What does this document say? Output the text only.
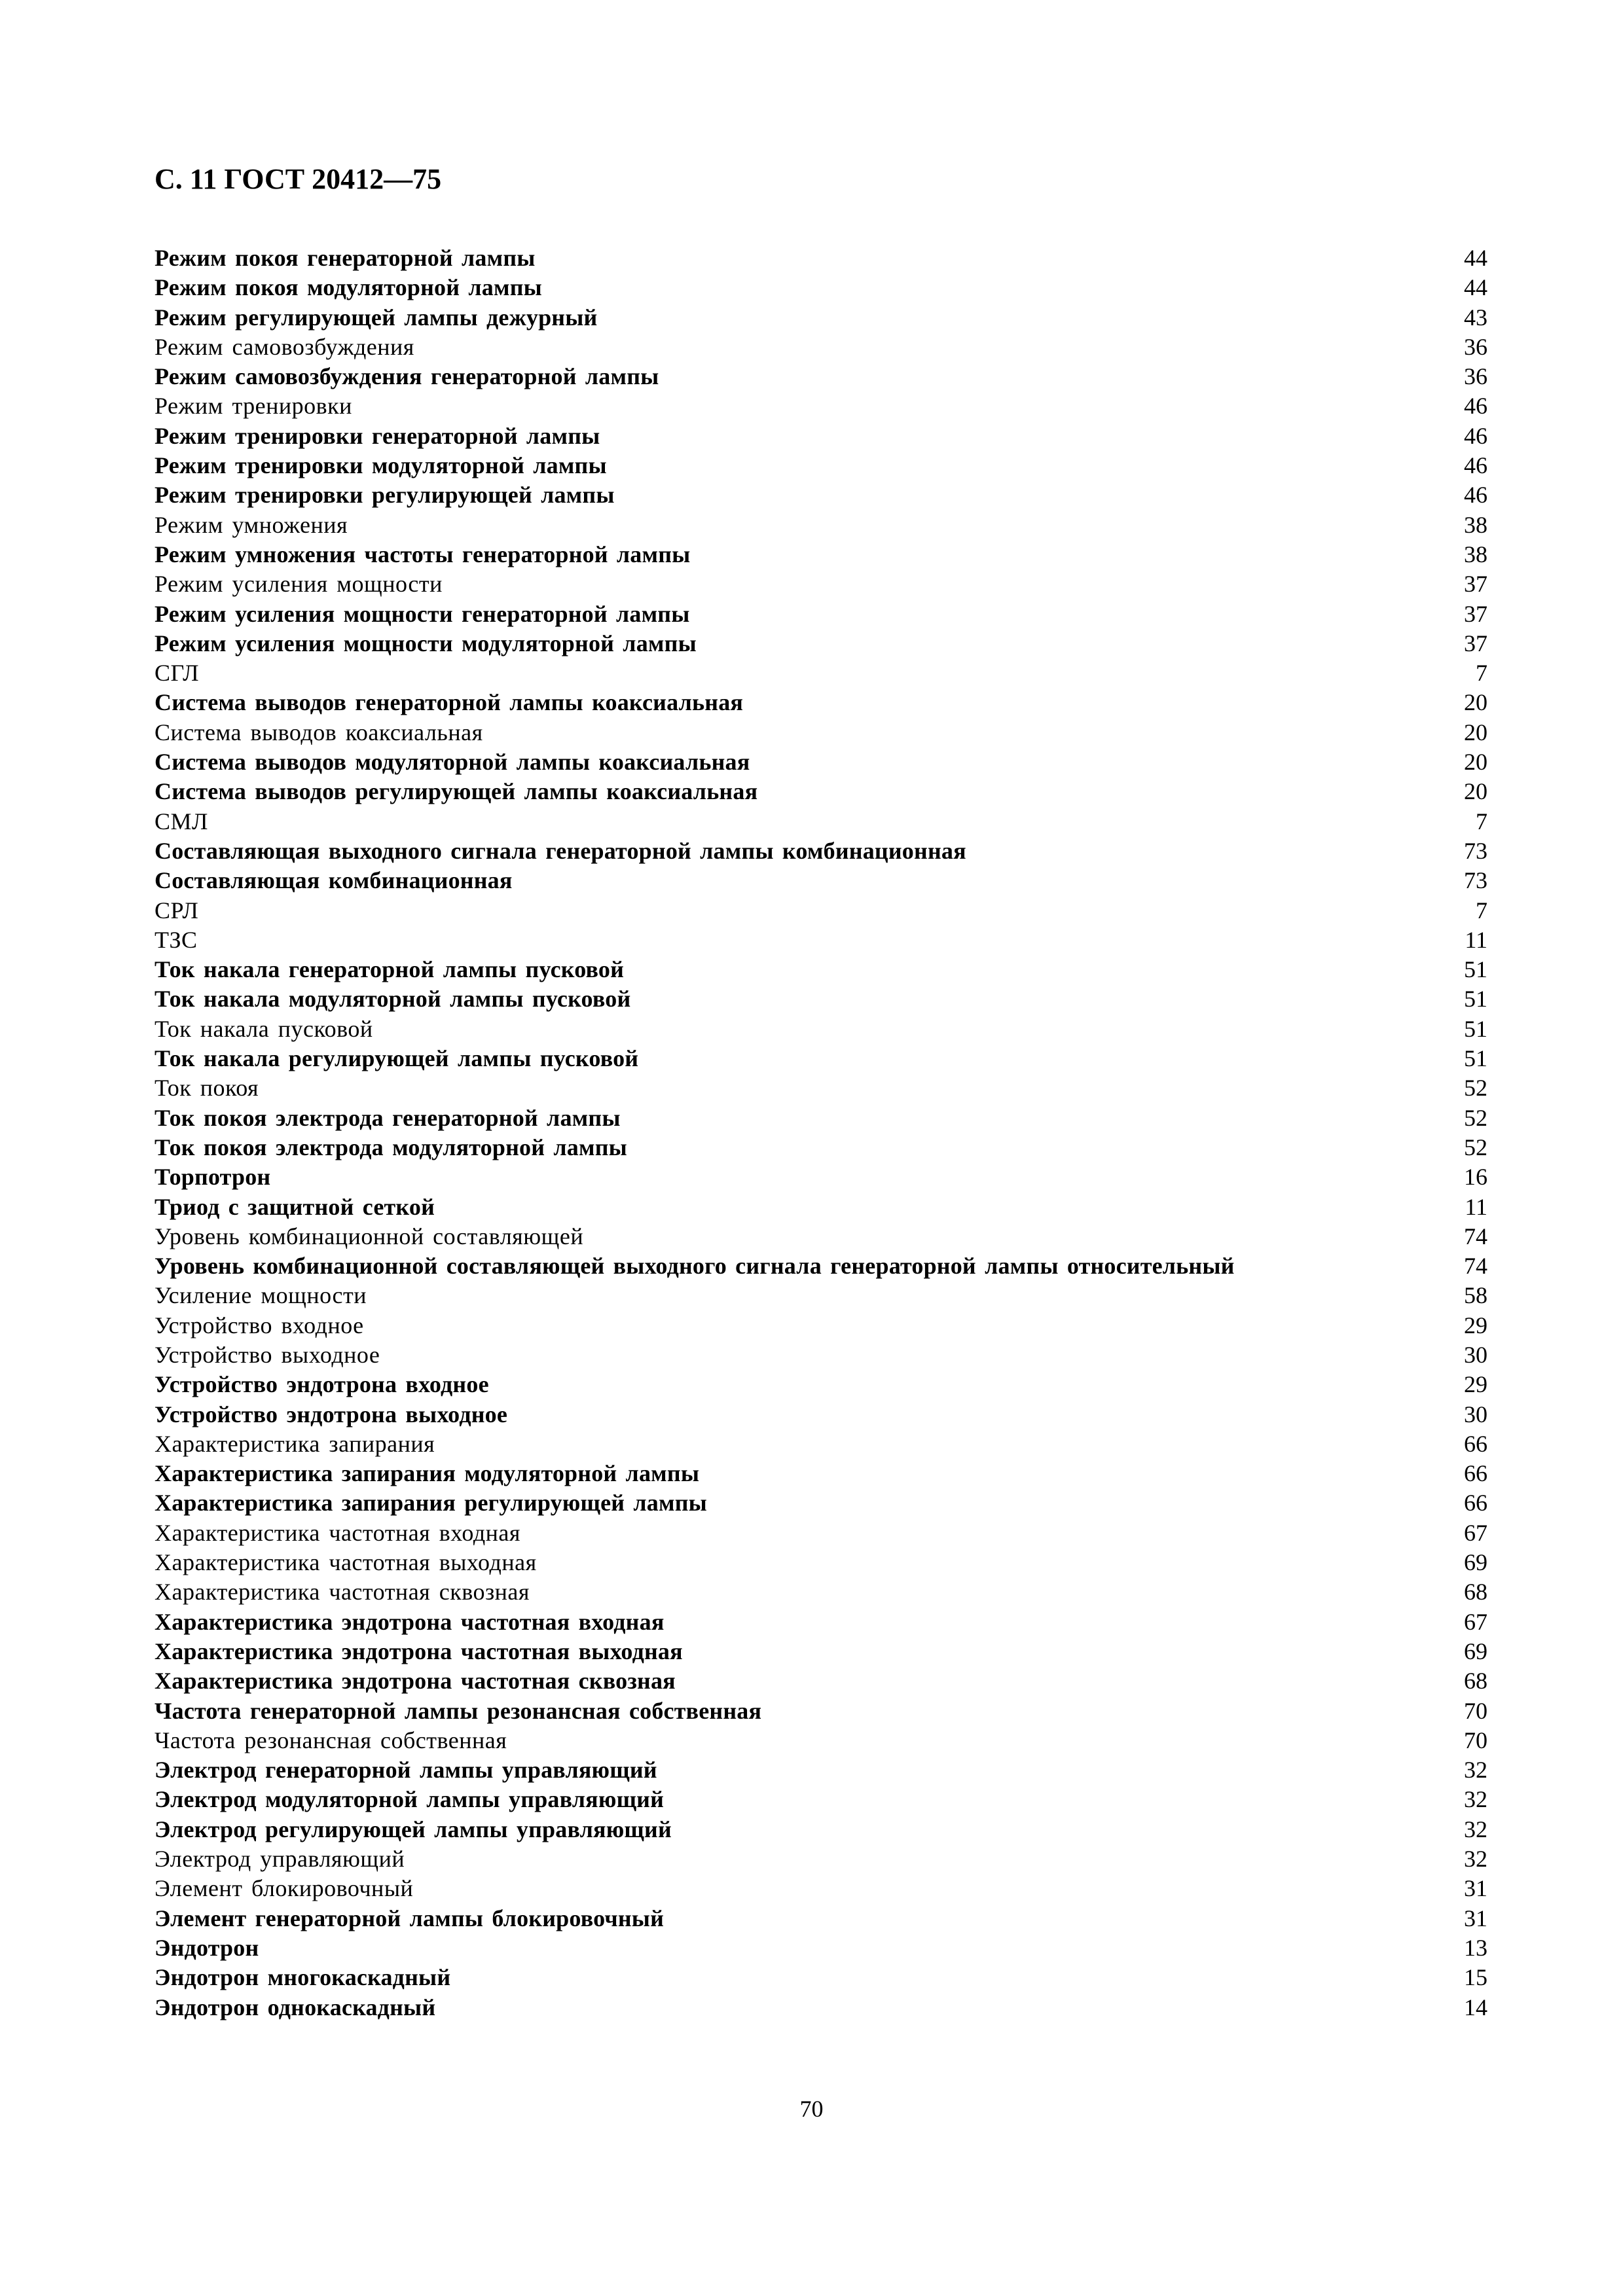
С. 11 ГОСТ 20412—75
Режим покоя генераторной лампы	44
Режим покоя модуляторной лампы	44
Режим регулирующей лампы дежурный	43
Режим самовозбуждения	36
Режим самовозбуждения генераторной лампы	36
Режим тренировки	46
Режим тренировки генераторной лампы	46
Режим тренировки модуляторной лампы	46
Режим тренировки регулирующей лампы	46
Режим умножения	38
Режим умножения частоты генераторной лампы	38
Режим усиления мощности	37
Режим усиления мощности генераторной лампы	37
Режим усиления мощности модуляторной лампы	37
СГЛ	7
Система выводов генераторной лампы коаксиальная	20
Система выводов коаксиальная	20
Система выводов модуляторной лампы коаксиальная	20
Система выводов регулирующей лампы коаксиальная	20
СМЛ	7
Составляющая выходного сигнала генераторной лампы комбинационная	73
Составляющая комбинационная	73
СРЛ	7
ТЗС	11
Ток накала генераторной лампы пусковой	51
Ток накала модуляторной лампы пусковой	51
Ток накала пусковой	51
Ток накала регулирующей лампы пусковой	51
Ток покоя	52
Ток покоя электрода генераторной лампы	52
Ток покоя электрода модуляторной лампы	52
Торпотрон	16
Триод с защитной сеткой	11
Уровень комбинационной составляющей	74
Уровень комбинационной составляющей выходного сигнала генераторной лампы относительный	74
Усиление мощности	58
Устройство входное	29
Устройство выходное	30
Устройство эндотрона входное	29
Устройство эндотрона выходное	30
Характеристика запирания	66
Характеристика запирания модуляторной лампы	66
Характеристика запирания регулирующей лампы	66
Характеристика частотная входная	67
Характеристика частотная выходная	69
Характеристика частотная сквозная	68
Характеристика эндотрона частотная входная	67
Характеристика эндотрона частотная выходная	69
Характеристика эндотрона частотная сквозная	68
Частота генераторной лампы резонансная собственная	70
Частота резонансная собственная	70
Электрод генераторной лампы управляющий	32
Электрод модуляторной лампы управляющий	32
Электрод регулирующей лампы управляющий	32
Электрод управляющий	32
Элемент блокировочный	31
Элемент генераторной лампы блокировочный	31
Эндотрон	13
Эндотрон многокаскадный	15
Эндотрон однокаскадный	14
70
